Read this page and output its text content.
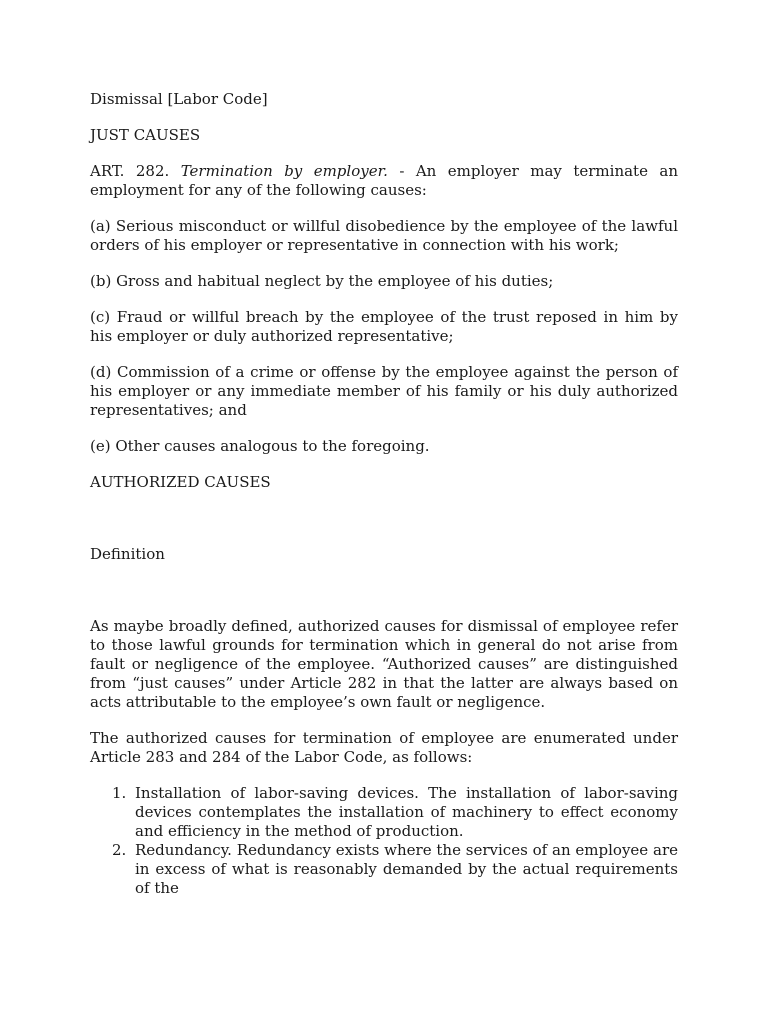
Dismissal [Labor Code]

JUST CAUSES

ART. 282. Termination by employer. - An employer may terminate an employment for any of the following causes:

(a) Serious misconduct or willful disobedience by the employee of the lawful orders of his employer or representative in connection with his work;

(b) Gross and habitual neglect by the employee of his duties;

(c) Fraud or willful breach by the employee of the trust reposed in him by his employer or duly authorized representative;

(d) Commission of a crime or offense by the employee against the person of his employer or any immediate member of his family or his duly authorized representatives; and

(e) Other causes analogous to the foregoing.

AUTHORIZED CAUSES

Definition

As maybe broadly defined, authorized causes for dismissal of employee refer to those lawful grounds for termination which in general do not arise from fault or negligence of the employee. “Authorized causes” are distinguished from “just causes” under Article 282 in that the latter are always based on acts attributable to the employee’s own fault or negligence.

The authorized causes for termination of employee are enumerated under Article 283 and 284 of the Labor Code, as follows:

1. Installation of labor-saving devices. The installation of labor-saving devices contemplates the installation of machinery to effect economy and efficiency in the method of production.
2. Redundancy. Redundancy exists where the services of an employee are in excess of what is reasonably demanded by the actual requirements of the
